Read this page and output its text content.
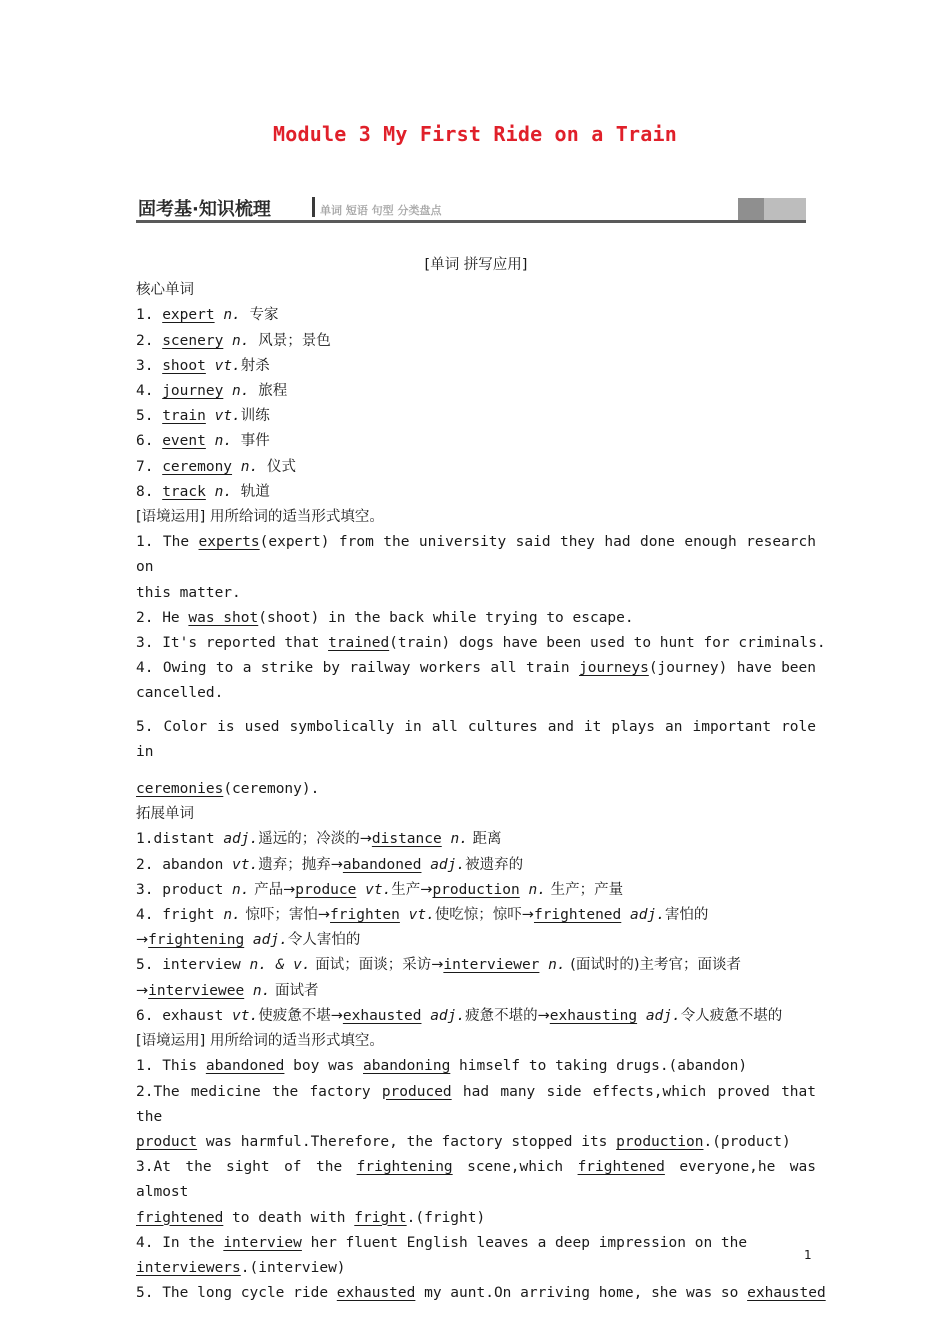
Module 3 My First Ride on a Train
固考基·知识梳理	单词 短语 句型 分类盘点
[单词 拼写应用]
核心单词
1. expert n. 专家
2. scenery n. 风景；景色
3. shoot vt.射杀
4. journey n. 旅程
5. train vt.训练
6. event n. 事件
7. ceremony n. 仪式
8. track n. 轨道
[语境运用] 用所给词的适当形式填空。
1. The experts(expert) from the university said they had done enough research on
this matter.
2. He was shot(shoot) in the back while trying to escape.
3. It's reported that trained(train) dogs have been used to hunt for criminals.
4. Owing to a strike by railway workers all train journeys(journey) have been
cancelled.
5. Color is used symbolically in all cultures and it plays an important role in
ceremonies(ceremony).
拓展单词
1.distant adj.遥远的；冷淡的→distance n. 距离
2. abandon vt.遗弃；抛弃→abandoned adj.被遗弃的
3. product n. 产品→produce vt.生产→production n. 生产；产量
4. fright n. 惊吓；害怕→frighten vt.使吃惊；惊吓→frightened adj.害怕的
→frightening adj.令人害怕的
5. interview n. & v. 面试；面谈；采访→interviewer n. (面试时的)主考官；面谈者
→interviewee n. 面试者
6. exhaust vt.使疲惫不堪→exhausted adj.疲惫不堪的→exhausting adj.令人疲惫不堪的
[语境运用] 用所给词的适当形式填空。
1. This abandoned boy was abandoning himself to taking drugs.(abandon)
2.The medicine the factory produced had many side effects,which proved that the
product was harmful.Therefore, the factory stopped its production.(product)
3.At the sight of the frightening scene,which frightened everyone,he was almost
frightened to death with fright.(fright)
4. In the interview her fluent English leaves a deep impression on the
interviewers.(interview)
5. The long cycle ride exhausted my aunt.On arriving home, she was so exhausted
1
